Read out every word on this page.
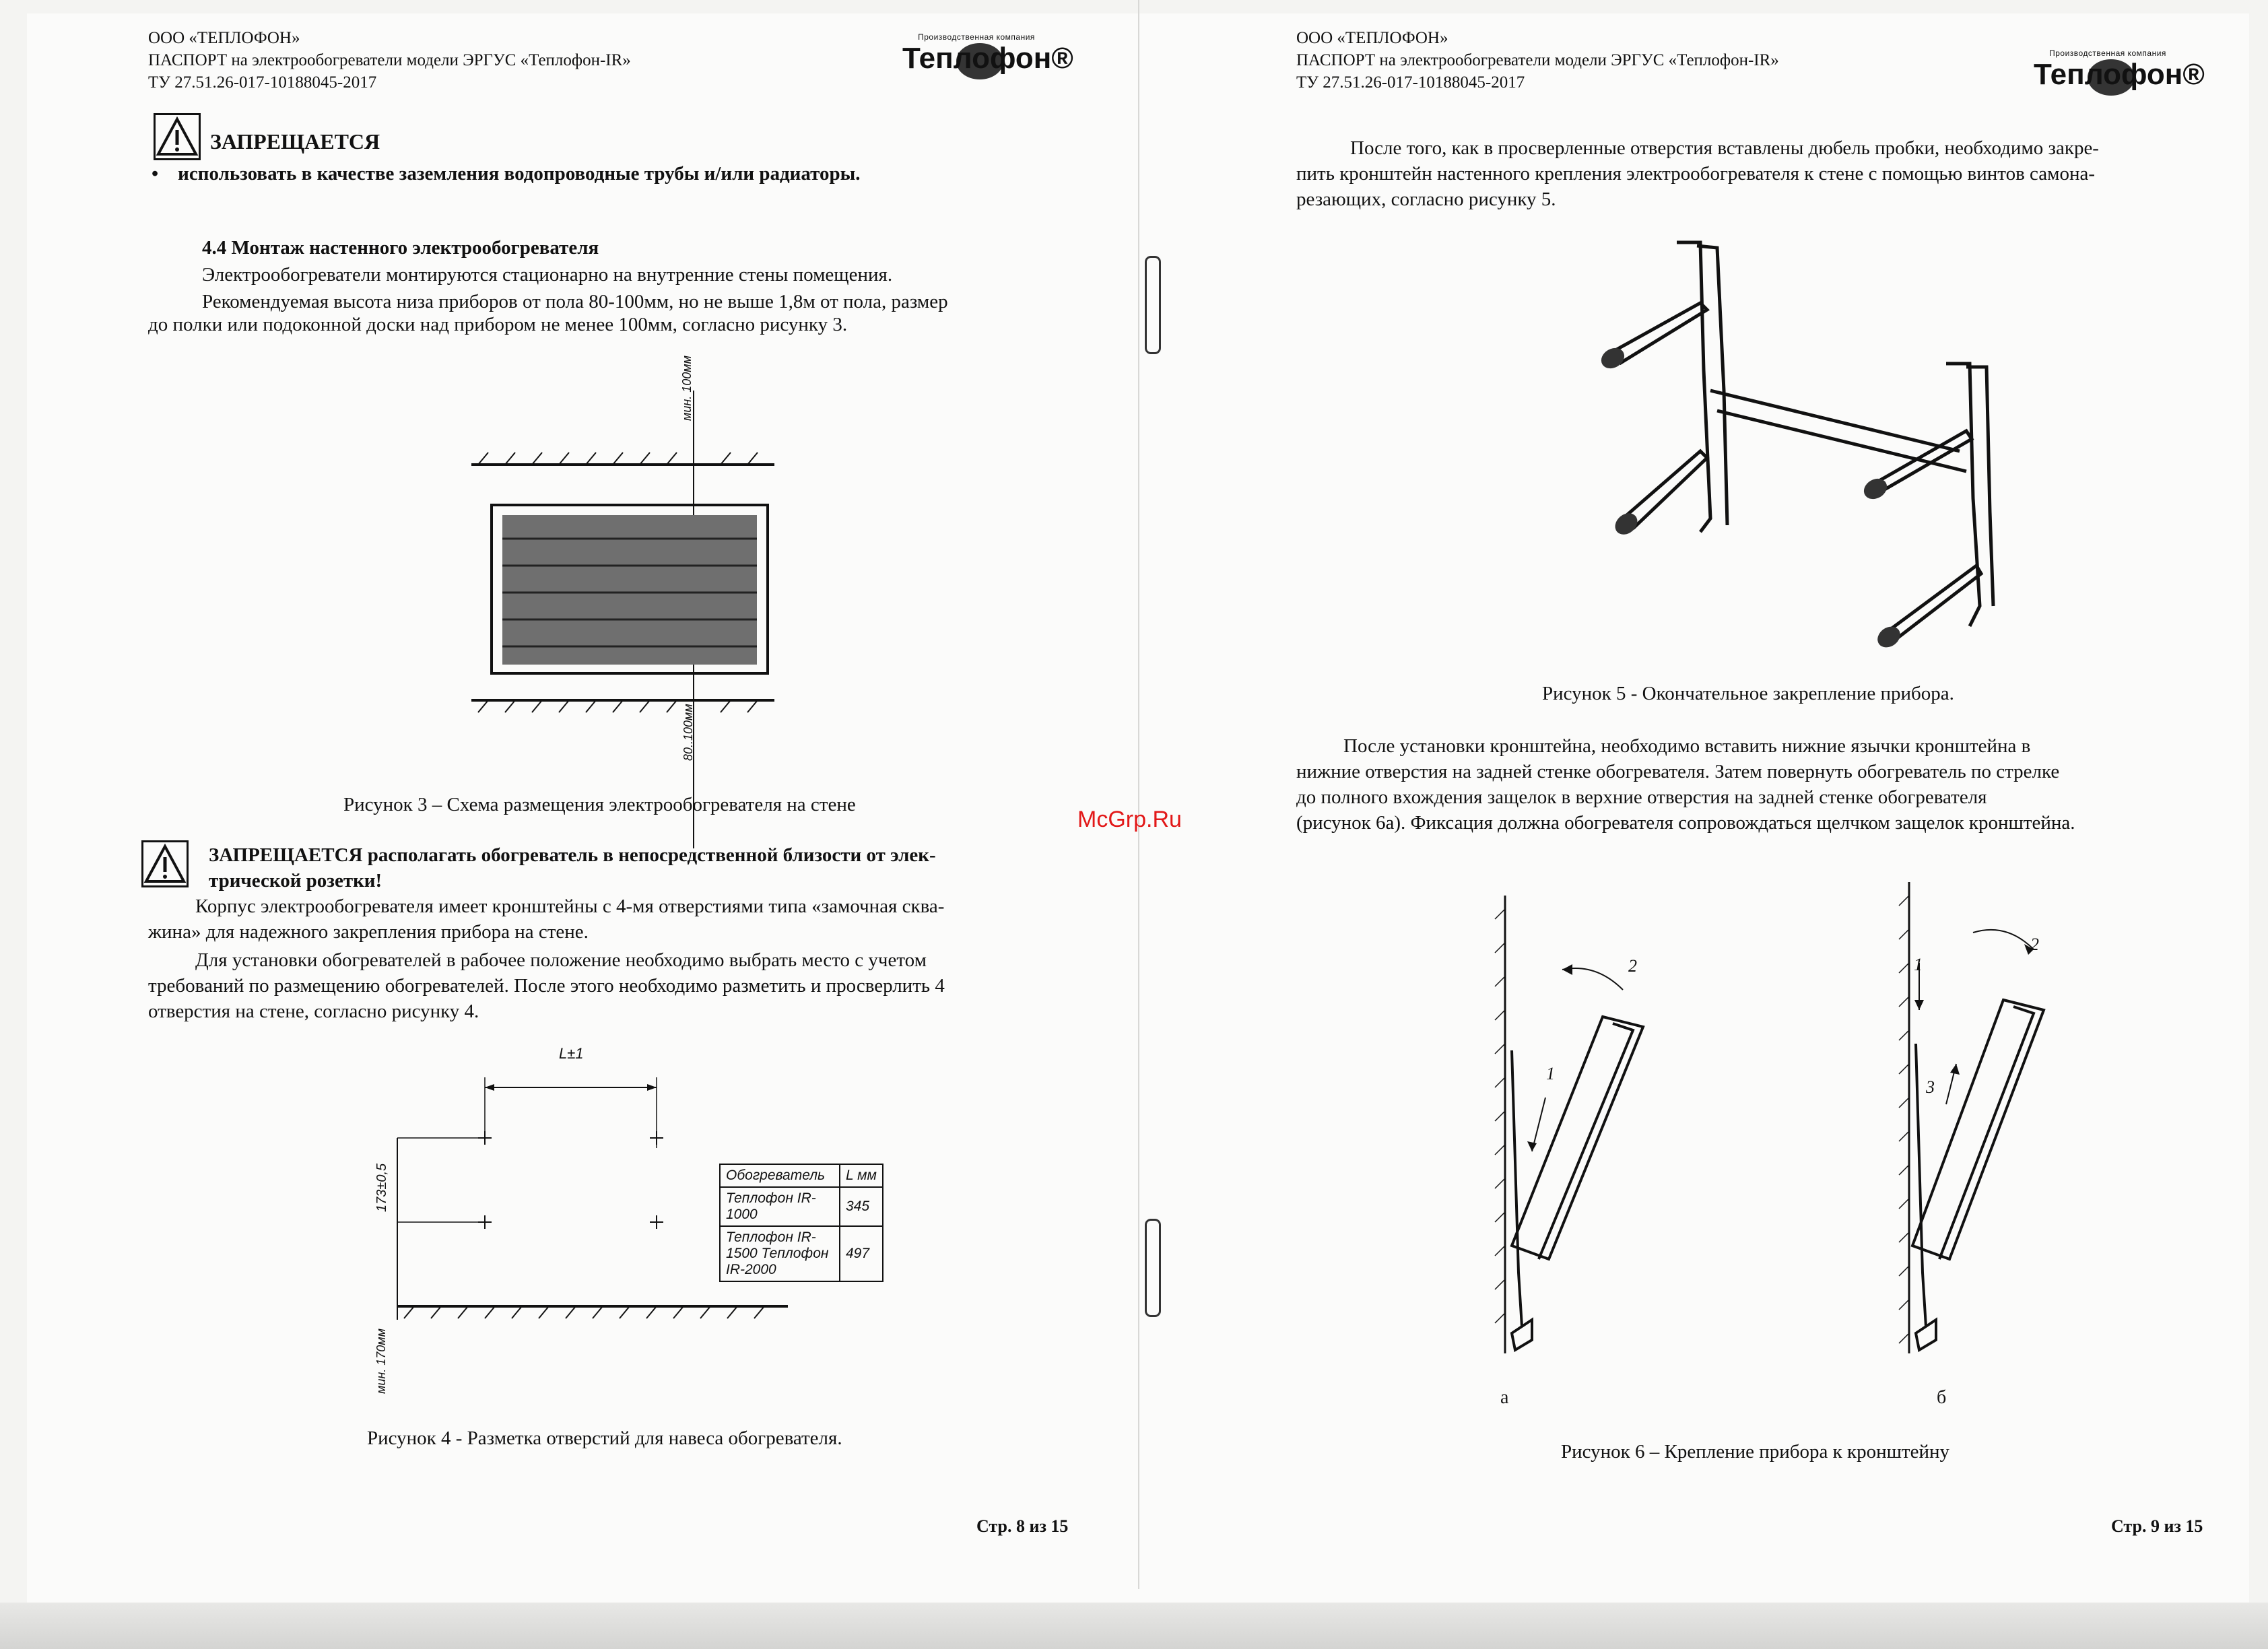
McGrp.Ru
ООО «ТЕПЛОФОН»
ПАСПОРТ на электрообогреватели модели ЭРГУС «Теплофон-IR»
ТУ 27.51.26-017-10188045-2017
Производственная компания
Теплофон®
ЗАПРЕЩАЕТСЯ
•    использовать в качестве заземления водопроводные трубы и/или радиаторы.
4.4 Монтаж настенного электрообогревателя
Электрообогреватели монтируются стационарно на внутренние стены помещения.
Рекомендуемая высота низа приборов от пола 80-100мм, но не выше 1,8м от пола, размер
до полки или подоконной доски над прибором не менее 100мм, согласно рисунку 3.
мин. 100мм
80..100мм
Рисунок 3 – Схема размещения электрообогревателя на стене
ЗАПРЕЩАЕТСЯ располагать обогреватель в непосредственной близости от элек-
трической розетки!
Корпус электрообогревателя имеет кронштейны с 4-мя отверстиями типа «замочная сква-
жина» для надежного закрепления прибора на стене.
Для установки обогревателей в рабочее положение необходимо выбрать место с учетом
требований по размещению обогревателей. После этого необходимо разметить и просверлить 4
отверстия на стене, согласно рисунку 4.
L±1
173±0,5
мин. 170мм
Обогреватель	L мм
Теплофон IR-1000	345
Теплофон IR-1500 Теплофон IR-2000	497
Рисунок 4 - Разметка отверстий для навеса обогревателя.
Стр. 8 из 15
ООО «ТЕПЛОФОН»
ПАСПОРТ на электрообогреватели модели ЭРГУС «Теплофон-IR»
ТУ 27.51.26-017-10188045-2017
Производственная компания
Теплофон®
После того, как в просверленные отверстия вставлены дюбель пробки, необходимо закре-
пить кронштейн настенного крепления электрообогревателя к стене с помощью винтов самона-
резающих, согласно рисунку 5.
Рисунок 5 - Окончательное закрепление прибора.
После установки кронштейна, необходимо вставить нижние язычки кронштейна в
нижние отверстия на задней стенке обогревателя. Затем повернуть обогреватель по стрелке
до полного вхождения защелок в верхние отверстия на задней стенке обогревателя
(рисунок 6а). Фиксация должна обогревателя сопровождаться щелчком защелок кронштейна.
2
1
а
2
1
3
б
Рисунок 6 – Крепление прибора к кронштейну
Стр. 9 из 15
